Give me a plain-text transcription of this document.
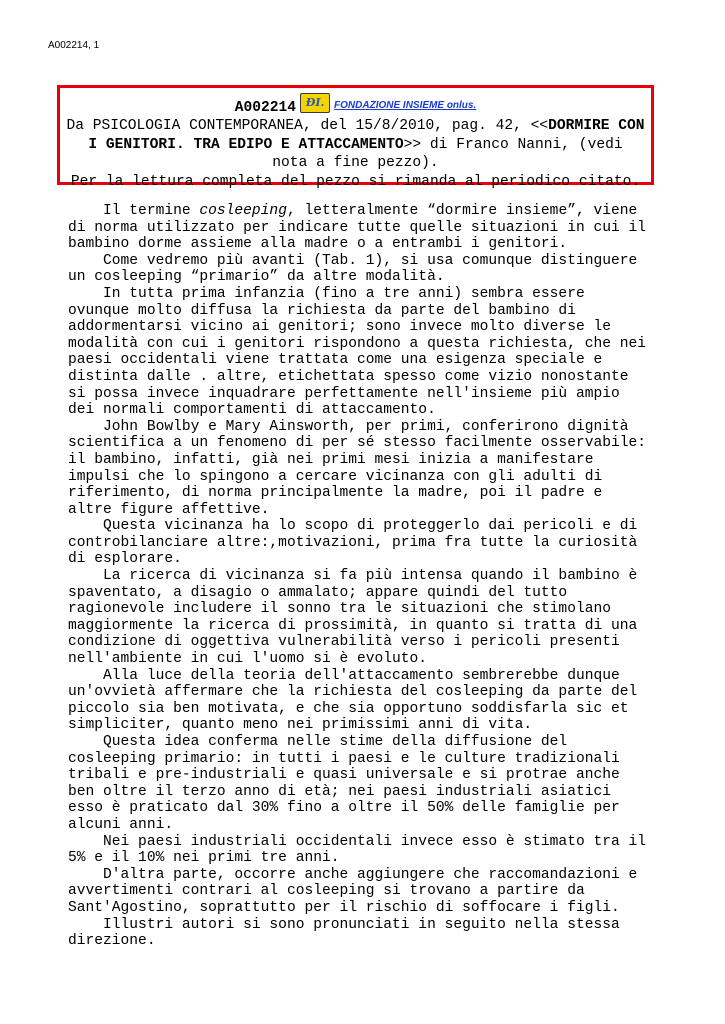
A002214, 1
A002214 ÐI. FONDAZIONE INSIEME onlus.
Da PSICOLOGIA CONTEMPORANEA, del 15/8/2010, pag. 42, <<DORMIRE CON
I GENITORI. TRA EDIPO E ATTACCAMENTO>> di Franco Nanni, (vedi
nota a fine pezzo).
Per la lettura completa del pezzo si rimanda al periodico citato.
Il termine cosleeping, letteralmente “dormire insieme”, viene
di norma utilizzato per indicare tutte quelle situazioni in cui il
bambino dorme assieme alla madre o a entrambi i genitori.
Come vedremo più avanti (Tab. 1), si usa comunque distinguere
un cosleeping “primario” da altre modalità.
In tutta prima infanzia (fino a tre anni) sembra essere
ovunque molto diffusa la richiesta da parte del bambino di
addormentarsi vicino ai genitori; sono invece molto diverse le
modalità con cui i genitori rispondono a questa richiesta, che nei
paesi occidentali viene trattata come una esigenza speciale e
distinta dalle . altre, etichettata spesso come vizio nonostante
si possa invece inquadrare perfettamente nell'insieme più ampio
dei normali comportamenti di attaccamento.
John Bowlby e Mary Ainsworth, per primi, conferirono dignità
scientifica a un fenomeno di per sé stesso facilmente osservabile:
il bambino, infatti, già nei primi mesi inizia a manifestare
impulsi che lo spingono a cercare vicinanza con gli adulti di
riferimento, di norma principalmente la madre, poi il padre e
altre figure affettive.
Questa vicinanza ha lo scopo di proteggerlo dai pericoli e di
controbilanciare altre:,motivazioni, prima fra tutte la curiosità
di esplorare.
La ricerca di vicinanza si fa più intensa quando il bambino è
spaventato, a disagio o ammalato; appare quindi del tutto
ragionevole includere il sonno tra le situazioni che stimolano
maggiormente la ricerca di prossimità, in quanto si tratta di una
condizione di oggettiva vulnerabilità verso i pericoli presenti
nell'ambiente in cui l'uomo si è evoluto.
Alla luce della teoria dell'attaccamento sembrerebbe dunque
un'ovvietà affermare che la richiesta del cosleeping da parte del
piccolo sia ben motivata, e che sia opportuno soddisfarla sic et
simpliciter, quanto meno nei primissimi anni di vita.
Questa idea conferma nelle stime della diffusione del
cosleeping primario: in tutti i paesi e le culture tradizionali
tribali e pre-industriali e quasi universale e si protrae anche
ben oltre il terzo anno di età; nei paesi industriali asiatici
esso è praticato dal 30% fino a oltre il 50% delle famiglie per
alcuni anni.
Nei paesi industriali occidentali invece esso è stimato tra il
5% e il 10% nei primi tre anni.
D'altra parte, occorre anche aggiungere che raccomandazioni e
avvertimenti contrari al cosleeping si trovano a partire da
Sant'Agostino, soprattutto per il rischio di soffocare i figli.
Illustri autori si sono pronunciati in seguito nella stessa
direzione.
